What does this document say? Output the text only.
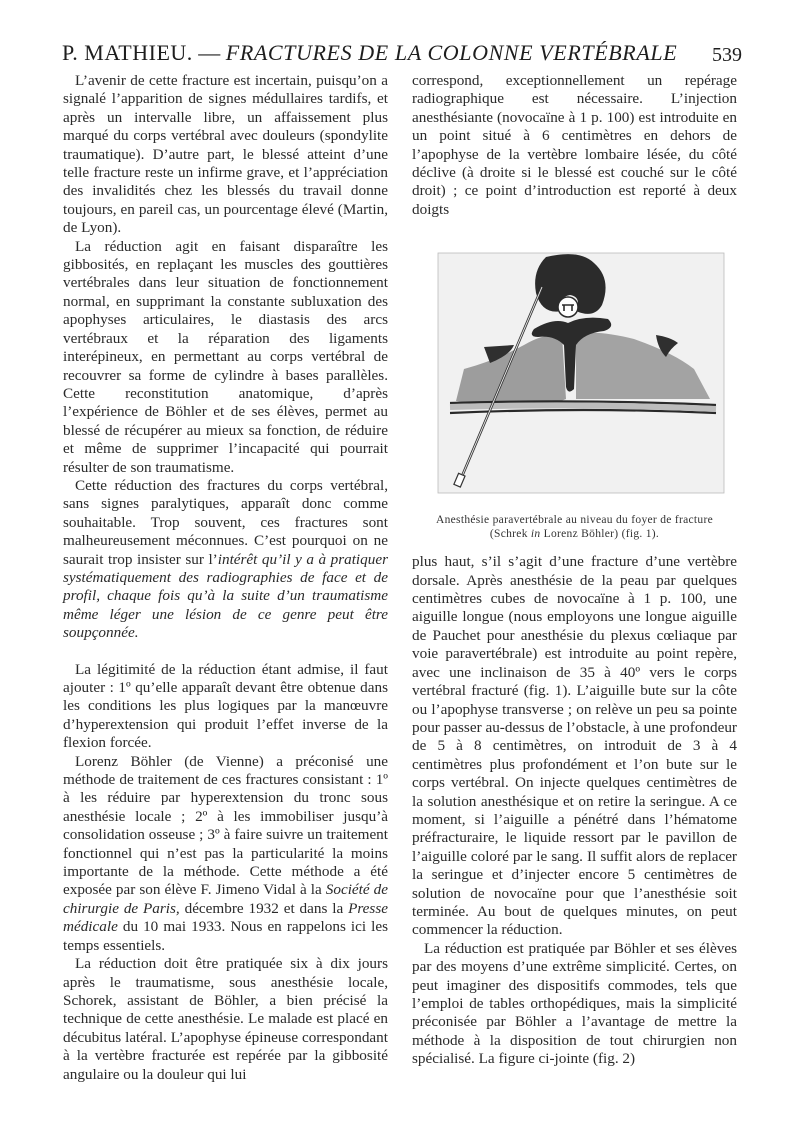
P. MATHIEU. — FRACTURES DE LA COLONNE VERTÉBRALE 539

L’avenir de cette fracture est incertain, puisqu’on a signalé l’apparition de signes médullaires tardifs, et après un intervalle libre, un affaissement plus marqué du corps vertébral avec douleurs (spondylite traumatique). D’autre part, le blessé atteint d’une telle fracture reste un infirme grave, et l’appréciation des invalidités chez les blessés du travail donne toujours, en pareil cas, un pourcentage élevé (Martin, de Lyon).

La réduction agit en faisant disparaître les gibbosités, en replaçant les muscles des gouttières vertébrales dans leur situation de fonctionnement normal, en supprimant la constante subluxation des apophyses articulaires, le diastasis des arcs vertébraux et la réparation des ligaments interépineux, en permettant au corps vertébral de recouvrer sa forme de cylindre à bases parallèles. Cette reconstitution anatomique, d’après l’expérience de Böhler et de ses élèves, permet au blessé de récupérer au mieux sa fonction, de réduire et même de supprimer l’incapacité qui pourrait résulter de son traumatisme.

Cette réduction des fractures du corps vertébral, sans signes paralytiques, apparaît donc comme souhaitable. Trop souvent, ces fractures sont malheureusement méconnues. C’est pourquoi on ne saurait trop insister sur l’intérêt qu’il y a à pratiquer systématiquement des radiographies de face et de profil, chaque fois qu’à la suite d’un traumatisme même léger une lésion de ce genre peut être soupçonnée.

La légitimité de la réduction étant admise, il faut ajouter : 1º qu’elle apparaît devant être obtenue dans les conditions les plus logiques par la manœuvre d’hyperextension qui produit l’effet inverse de la flexion forcée.

Lorenz Böhler (de Vienne) a préconisé une méthode de traitement de ces fractures consistant : 1º à les réduire par hyperextension du tronc sous anesthésie locale ; 2º à les immobiliser jusqu’à consolidation osseuse ; 3º à faire suivre un traitement fonctionnel qui n’est pas la particularité la moins importante de la méthode. Cette méthode a été exposée par son élève F. Jimeno Vidal à la Société de chirurgie de Paris, décembre 1932 et dans la Presse médicale du 10 mai 1933. Nous en rappelons ici les temps essentiels.

La réduction doit être pratiquée six à dix jours après le traumatisme, sous anesthésie locale, Schorek, assistant de Böhler, a bien précisé la technique de cette anesthésie. Le malade est placé en décubitus latéral. L’apophyse épineuse correspondant à la vertèbre fracturée est repérée par la gibbosité angulaire ou la douleur qui lui

correspond, exceptionnellement un repérage radiographique est nécessaire. L’injection anesthésiante (novocaïne à 1 p. 100) est introduite en un point situé à 6 centimètres en dehors de l’apophyse de la vertèbre lombaire lésée, du côté déclive (à droite si le blessé est couché sur le côté droit) ; ce point d’introduction est reporté à deux doigts

Anesthésie paravertébrale au niveau du foyer de fracture
(Schrek in Lorenz Böhler) (fig. 1).

plus haut, s’il s’agit d’une fracture d’une vertèbre dorsale. Après anesthésie de la peau par quelques centimètres cubes de novocaïne à 1 p. 100, une aiguille longue (nous employons une longue aiguille de Pauchet pour anesthésie du plexus cœliaque par voie paravertébrale) est introduite au point repère, avec une inclinaison de 35 à 40º vers le corps vertébral fracturé (fig. 1). L’aiguille bute sur la côte ou l’apophyse transverse ; on relève un peu sa pointe pour passer au-dessus de l’obstacle, à une profondeur de 5 à 8 centimètres, on introduit de 3 à 4 centimètres plus profondément et l’on bute sur le corps vertébral. On injecte quelques centimètres de la solution anesthésique et on retire la seringue. A ce moment, si l’aiguille a pénétré dans l’hématome préfracturaire, le liquide ressort par le pavillon de l’aiguille coloré par le sang. Il suffit alors de replacer la seringue et d’injecter encore 5 centimètres de solution de novocaïne pour que l’anesthésie soit terminée. Au bout de quelques minutes, on peut commencer la réduction.

La réduction est pratiquée par Böhler et ses élèves par des moyens d’une extrême simplicité. Certes, on peut imaginer des dispositifs commodes, tels que l’emploi de tables orthopédiques, mais la simplicité préconisée par Böhler a l’avantage de mettre la méthode à la disposition de tout chirurgien non spécialisé. La figure ci-jointe (fig. 2)
